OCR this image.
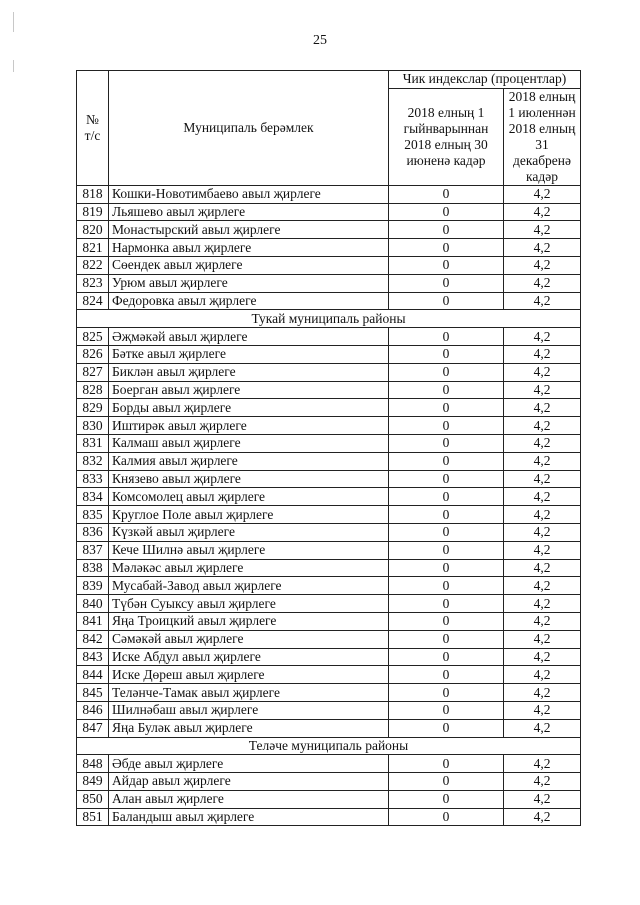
25
№ т/с	Муниципаль берәмлек	Чик индекслар (процентлар)	
		2018 елның 1 гыйнварыннан 2018 елның 30 июненә кадәр	2018 елның 1 июленнән 2018 елның 31 декабренә кадәр
818	Кошки-Новотимбаево авыл җирлеге	0	4,2
819	Льяшево авыл җирлеге	0	4,2
820	Монастырский авыл җирлеге	0	4,2
821	Нармонка авыл җирлеге	0	4,2
822	Сөендек авыл җирлеге	0	4,2
823	Урюм авыл җирлеге	0	4,2
824	Федоровка авыл җирлеге	0	4,2
Тукай муниципаль районы			
825	Әҗмәкәй авыл җирлеге	0	4,2
826	Бәтке авыл җирлеге	0	4,2
827	Биклән авыл җирлеге	0	4,2
828	Боерган авыл җирлеге	0	4,2
829	Борды авыл җирлеге	0	4,2
830	Иштирәк авыл җирлеге	0	4,2
831	Калмаш авыл җирлеге	0	4,2
832	Калмия авыл җирлеге	0	4,2
833	Князево авыл җирлеге	0	4,2
834	Комсомолец авыл җирлеге	0	4,2
835	Круглое Поле авыл җирлеге	0	4,2
836	Күзкәй авыл җирлеге	0	4,2
837	Кече Шилнә авыл җирлеге	0	4,2
838	Мәләкәс авыл җирлеге	0	4,2
839	Мусабай-Завод авыл җирлеге	0	4,2
840	Түбән Суыксу авыл җирлеге	0	4,2
841	Яңа Троицкий авыл җирлеге	0	4,2
842	Сәмәкәй авыл җирлеге	0	4,2
843	Иске Абдул авыл җирлеге	0	4,2
844	Иске Дөреш авыл җирлеге	0	4,2
845	Теләнче-Тамак авыл җирлеге	0	4,2
846	Шилнәбаш авыл җирлеге	0	4,2
847	Яңа Буләк авыл җирлеге	0	4,2
Теләче муниципаль районы			
848	Әбде авыл җирлеге	0	4,2
849	Айдар авыл җирлеге	0	4,2
850	Алан авыл җирлеге	0	4,2
851	Баландыш авыл җирлеге	0	4,2
